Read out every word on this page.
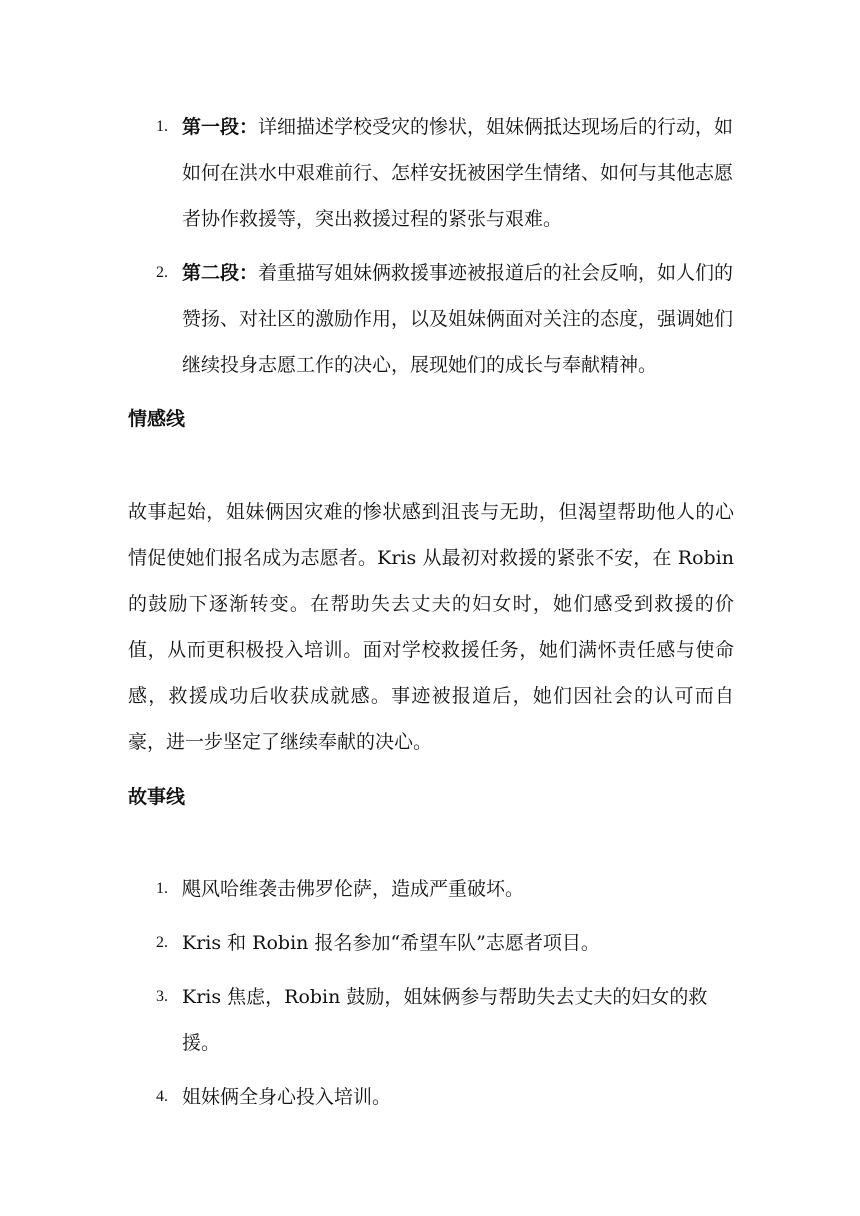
1. 第一段：详细描述学校受灾的惨状，姐妹俩抵达现场后的行动，如如何在洪水中艰难前行、怎样安抚被困学生情绪、如何与其他志愿者协作救援等，突出救援过程的紧张与艰难。
2. 第二段：着重描写姐妹俩救援事迹被报道后的社会反响，如人们的赞扬、对社区的激励作用，以及姐妹俩面对关注的态度，强调她们继续投身志愿工作的决心，展现她们的成长与奉献精神。
情感线

故事起始，姐妹俩因灾难的惨状感到沮丧与无助，但渴望帮助他人的心情促使她们报名成为志愿者。Kris 从最初对救援的紧张不安，在 Robin 的鼓励下逐渐转变。在帮助失去丈夫的妇女时，她们感受到救援的价值，从而更积极投入培训。面对学校救援任务，她们满怀责任感与使命感，救援成功后收获成就感。事迹被报道后，她们因社会的认可而自豪，进一步坚定了继续奉献的决心。

故事线
1. 飓风哈维袭击佛罗伦萨，造成严重破坏。
2. Kris 和 Robin 报名参加“希望车队”志愿者项目。
3. Kris 焦虑，Robin 鼓励，姐妹俩参与帮助失去丈夫的妇女的救援。
4. 姐妹俩全身心投入培训。
